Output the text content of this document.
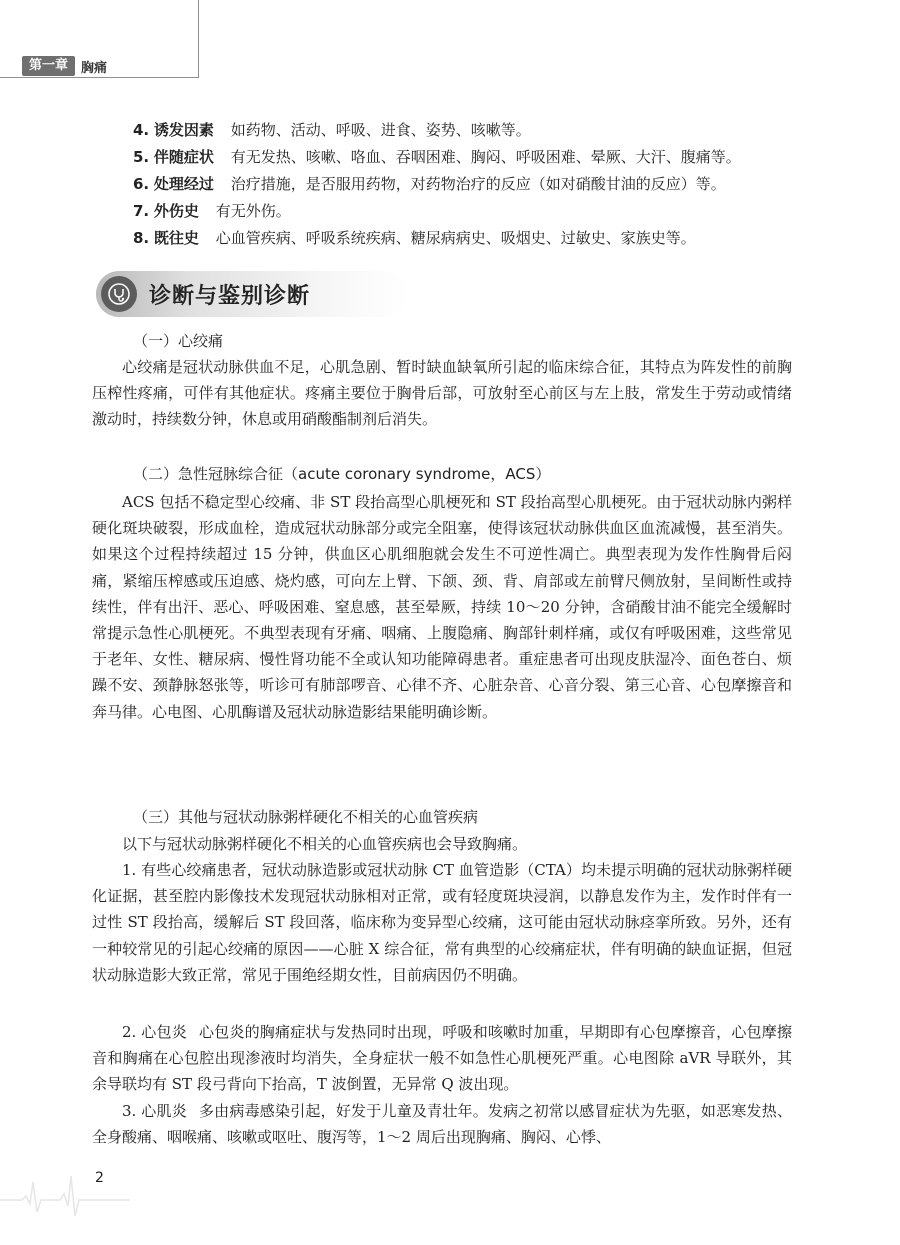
第一章	胸痛
4. 诱发因素 如药物、活动、呼吸、进食、姿势、咳嗽等。
5. 伴随症状 有无发热、咳嗽、咯血、吞咽困难、胸闷、呼吸困难、晕厥、大汗、腹痛等。
6. 处理经过 治疗措施，是否服用药物，对药物治疗的反应（如对硝酸甘油的反应）等。
7. 外伤史 有无外伤。
8. 既往史 心血管疾病、呼吸系统疾病、糖尿病病史、吸烟史、过敏史、家族史等。
诊断与鉴别诊断
（一）心绞痛

心绞痛是冠状动脉供血不足，心肌急剧、暂时缺血缺氧所引起的临床综合征，其特点为阵发性的前胸压榨性疼痛，可伴有其他症状。疼痛主要位于胸骨后部，可放射至心前区与左上肢，常发生于劳动或情绪激动时，持续数分钟，休息或用硝酸酯制剂后消失。

（二）急性冠脉综合征（acute coronary syndrome，ACS）

ACS 包括不稳定型心绞痛、非 ST 段抬高型心肌梗死和 ST 段抬高型心肌梗死。由于冠状动脉内粥样硬化斑块破裂，形成血栓，造成冠状动脉部分或完全阻塞，使得该冠状动脉供血区血流减慢，甚至消失。如果这个过程持续超过 15 分钟，供血区心肌细胞就会发生不可逆性凋亡。典型表现为发作性胸骨后闷痛，紧缩压榨感或压迫感、烧灼感，可向左上臂、下颌、颈、背、肩部或左前臂尺侧放射，呈间断性或持续性，伴有出汗、恶心、呼吸困难、窒息感，甚至晕厥，持续 10～20 分钟，含硝酸甘油不能完全缓解时常提示急性心肌梗死。不典型表现有牙痛、咽痛、上腹隐痛、胸部针刺样痛，或仅有呼吸困难，这些常见于老年、女性、糖尿病、慢性肾功能不全或认知功能障碍患者。重症患者可出现皮肤湿冷、面色苍白、烦躁不安、颈静脉怒张等，听诊可有肺部啰音、心律不齐、心脏杂音、心音分裂、第三心音、心包摩擦音和奔马律。心电图、心肌酶谱及冠状动脉造影结果能明确诊断。

（三）其他与冠状动脉粥样硬化不相关的心血管疾病

以下与冠状动脉粥样硬化不相关的心血管疾病也会导致胸痛。

1. 有些心绞痛患者，冠状动脉造影或冠状动脉 CT 血管造影（CTA）均未提示明确的冠状动脉粥样硬化证据，甚至腔内影像技术发现冠状动脉相对正常，或有轻度斑块浸润，以静息发作为主，发作时伴有一过性 ST 段抬高，缓解后 ST 段回落，临床称为变异型心绞痛，这可能由冠状动脉痉挛所致。另外，还有一种较常见的引起心绞痛的原因——心脏 X 综合征，常有典型的心绞痛症状，伴有明确的缺血证据，但冠状动脉造影大致正常，常见于围绝经期女性，目前病因仍不明确。

2. 心包炎 心包炎的胸痛症状与发热同时出现，呼吸和咳嗽时加重，早期即有心包摩擦音，心包摩擦音和胸痛在心包腔出现渗液时均消失，全身症状一般不如急性心肌梗死严重。心电图除 aVR 导联外，其余导联均有 ST 段弓背向下抬高，T 波倒置，无异常 Q 波出现。

3. 心肌炎 多由病毒感染引起，好发于儿童及青壮年。发病之初常以感冒症状为先驱，如恶寒发热、全身酸痛、咽喉痛、咳嗽或呕吐、腹泻等，1～2 周后出现胸痛、胸闷、心悸、

2
